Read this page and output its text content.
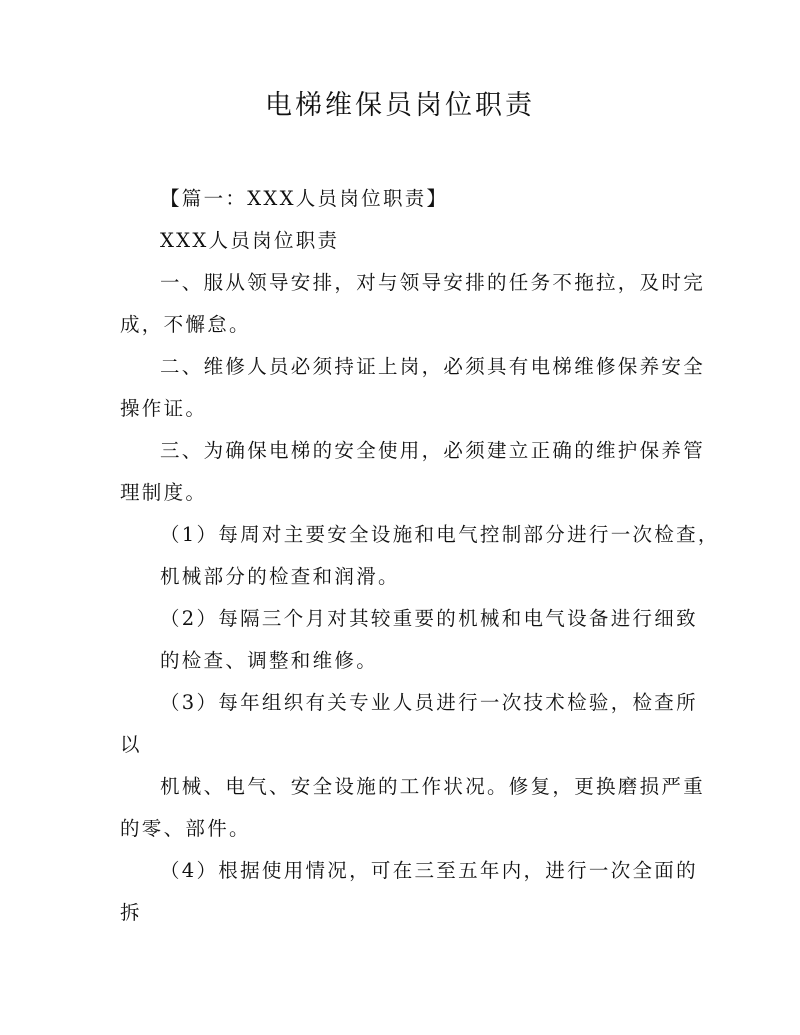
电梯维保员岗位职责
【篇一：XXX人员岗位职责】
XXX人员岗位职责
一、服从领导安排，对与领导安排的任务不拖拉，及时完
成，不懈怠。
二、维修人员必须持证上岗，必须具有电梯维修保养安全
操作证。
三、为确保电梯的安全使用，必须建立正确的维护保养管
理制度。
（1）每周对主要安全设施和电气控制部分进行一次检查，
机械部分的检查和润滑。
（2）每隔三个月对其较重要的机械和电气设备进行细致
的检查、调整和维修。
（3）每年组织有关专业人员进行一次技术检验，检查所
以
机械、电气、安全设施的工作状况。修复，更换磨损严重
的零、部件。
（4）根据使用情况，可在三至五年内，进行一次全面的
拆
